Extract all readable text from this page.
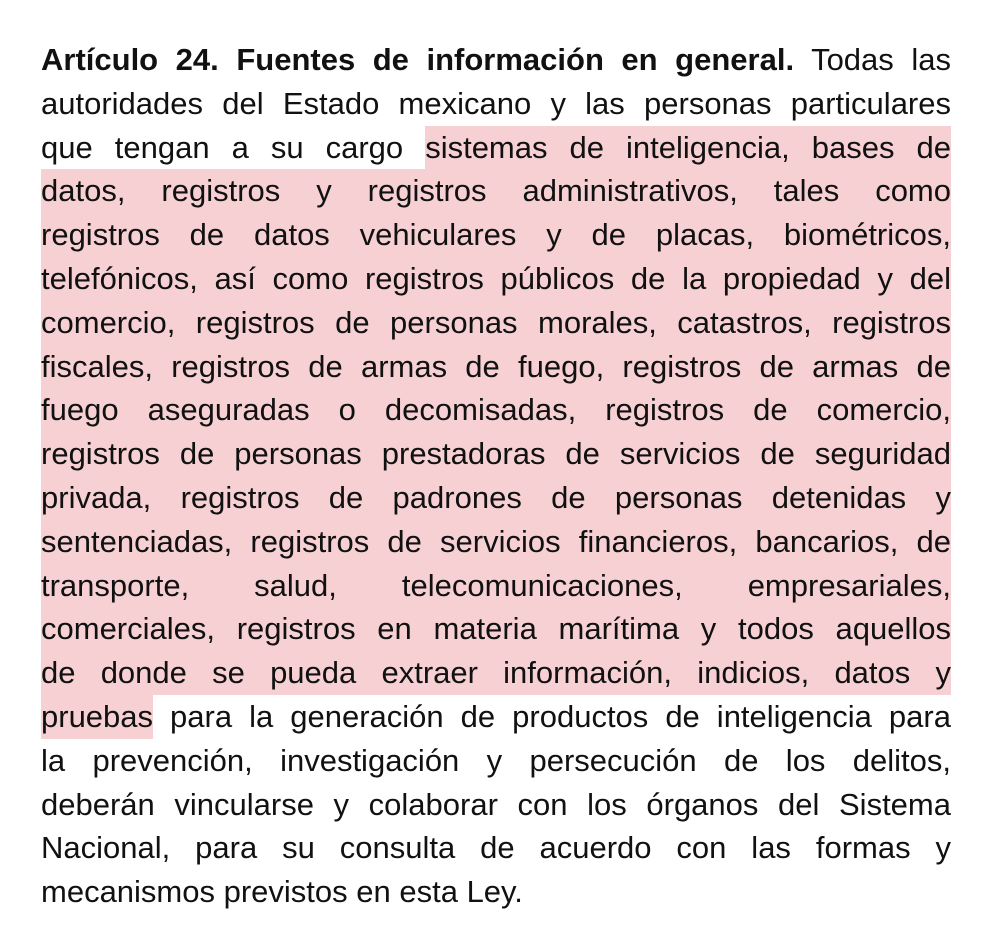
Artículo 24. Fuentes de información en general. Todas las
autoridades del Estado mexicano y las personas particulares
que tengan a su cargo sistemas de inteligencia, bases de
datos, registros y registros administrativos, tales como
registros de datos vehiculares y de placas, biométricos,
telefónicos, así como registros públicos de la propiedad y del
comercio, registros de personas morales, catastros, registros
fiscales, registros de armas de fuego, registros de armas de
fuego aseguradas o decomisadas, registros de comercio,
registros de personas prestadoras de servicios de seguridad
privada, registros de padrones de personas detenidas y
sentenciadas, registros de servicios financieros, bancarios, de
transporte, salud, telecomunicaciones, empresariales,
comerciales, registros en materia marítima y todos aquellos
de donde se pueda extraer información, indicios, datos y
pruebas para la generación de productos de inteligencia para
la prevención, investigación y persecución de los delitos,
deberán vincularse y colaborar con los órganos del Sistema
Nacional, para su consulta de acuerdo con las formas y
mecanismos previstos en esta Ley.
